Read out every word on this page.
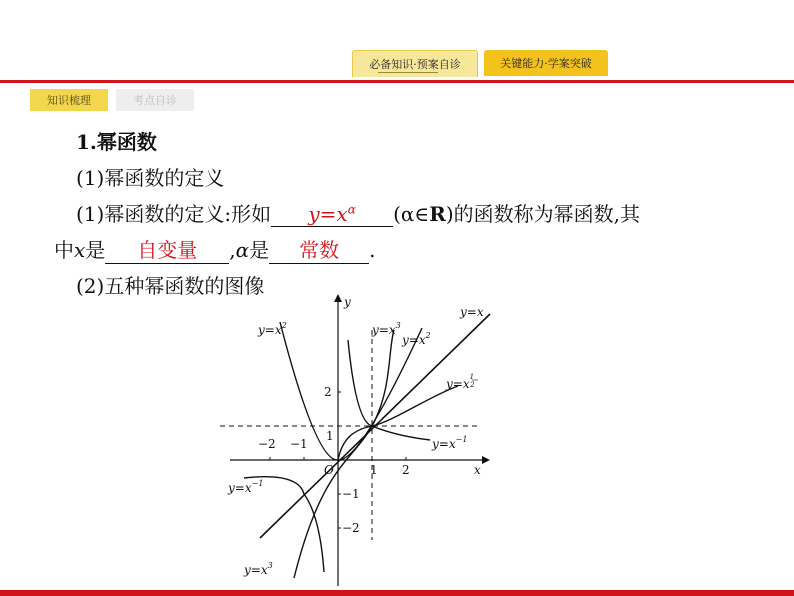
必备知识·预案自诊	关键能力·学案突破
知识梳理	考点自诊
1.幂函数
(1)幂函数的定义
(1)幂函数的定义:形如 $y=x^\alpha$ (α∈R)的函数称为幂函数,其
中x是 自变量 ,α是 常数 .
(2)五种幂函数的图像
y
x
O
−2 −1
1 2
2
1
−1
−2
y=x
$y=x^2$	$y=x^3$
$y=x^2$
$y=x^1$ 2
$y=x^{-1}$
$y=x^{-1}$
$y=x^3$
